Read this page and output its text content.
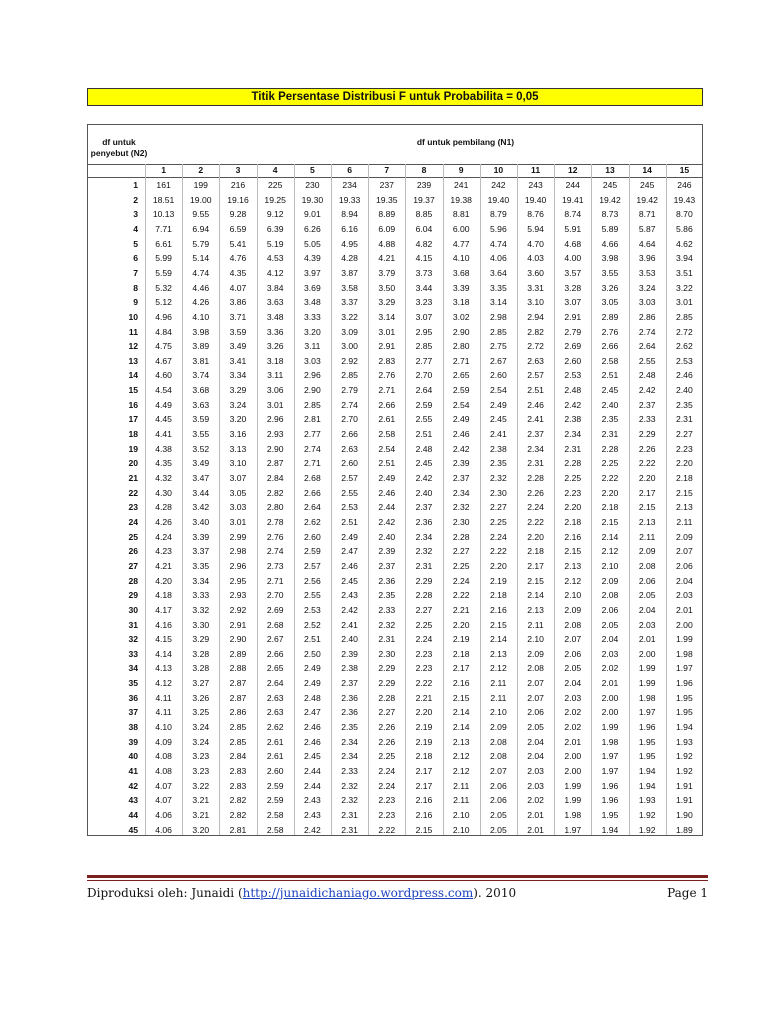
Titik Persentase Distribusi F untuk Probabilita = 0,05
df untuk penyebut (N2)
df untuk pembilang (N1)
1	2	3	4	5	6	7	8	9	10	11	12	13	14	15
1	161	199	216	225	230	234	237	239	241	242	243	244	245	245	246
2	18.51	19.00	19.16	19.25	19.30	19.33	19.35	19.37	19.38	19.40	19.40	19.41	19.42	19.42	19.43
3	10.13	9.55	9.28	9.12	9.01	8.94	8.89	8.85	8.81	8.79	8.76	8.74	8.73	8.71	8.70
4	7.71	6.94	6.59	6.39	6.26	6.16	6.09	6.04	6.00	5.96	5.94	5.91	5.89	5.87	5.86
5	6.61	5.79	5.41	5.19	5.05	4.95	4.88	4.82	4.77	4.74	4.70	4.68	4.66	4.64	4.62
6	5.99	5.14	4.76	4.53	4.39	4.28	4.21	4.15	4.10	4.06	4.03	4.00	3.98	3.96	3.94
7	5.59	4.74	4.35	4.12	3.97	3.87	3.79	3.73	3.68	3.64	3.60	3.57	3.55	3.53	3.51
8	5.32	4.46	4.07	3.84	3.69	3.58	3.50	3.44	3.39	3.35	3.31	3.28	3.26	3.24	3.22
9	5.12	4.26	3.86	3.63	3.48	3.37	3.29	3.23	3.18	3.14	3.10	3.07	3.05	3.03	3.01
10	4.96	4.10	3.71	3.48	3.33	3.22	3.14	3.07	3.02	2.98	2.94	2.91	2.89	2.86	2.85
11	4.84	3.98	3.59	3.36	3.20	3.09	3.01	2.95	2.90	2.85	2.82	2.79	2.76	2.74	2.72
12	4.75	3.89	3.49	3.26	3.11	3.00	2.91	2.85	2.80	2.75	2.72	2.69	2.66	2.64	2.62
13	4.67	3.81	3.41	3.18	3.03	2.92	2.83	2.77	2.71	2.67	2.63	2.60	2.58	2.55	2.53
14	4.60	3.74	3.34	3.11	2.96	2.85	2.76	2.70	2.65	2.60	2.57	2.53	2.51	2.48	2.46
15	4.54	3.68	3.29	3.06	2.90	2.79	2.71	2.64	2.59	2.54	2.51	2.48	2.45	2.42	2.40
16	4.49	3.63	3.24	3.01	2.85	2.74	2.66	2.59	2.54	2.49	2.46	2.42	2.40	2.37	2.35
17	4.45	3.59	3.20	2.96	2.81	2.70	2.61	2.55	2.49	2.45	2.41	2.38	2.35	2.33	2.31
18	4.41	3.55	3.16	2.93	2.77	2.66	2.58	2.51	2.46	2.41	2.37	2.34	2.31	2.29	2.27
19	4.38	3.52	3.13	2.90	2.74	2.63	2.54	2.48	2.42	2.38	2.34	2.31	2.28	2.26	2.23
20	4.35	3.49	3.10	2.87	2.71	2.60	2.51	2.45	2.39	2.35	2.31	2.28	2.25	2.22	2.20
21	4.32	3.47	3.07	2.84	2.68	2.57	2.49	2.42	2.37	2.32	2.28	2.25	2.22	2.20	2.18
22	4.30	3.44	3.05	2.82	2.66	2.55	2.46	2.40	2.34	2.30	2.26	2.23	2.20	2.17	2.15
23	4.28	3.42	3.03	2.80	2.64	2.53	2.44	2.37	2.32	2.27	2.24	2.20	2.18	2.15	2.13
24	4.26	3.40	3.01	2.78	2.62	2.51	2.42	2.36	2.30	2.25	2.22	2.18	2.15	2.13	2.11
25	4.24	3.39	2.99	2.76	2.60	2.49	2.40	2.34	2.28	2.24	2.20	2.16	2.14	2.11	2.09
26	4.23	3.37	2.98	2.74	2.59	2.47	2.39	2.32	2.27	2.22	2.18	2.15	2.12	2.09	2.07
27	4.21	3.35	2.96	2.73	2.57	2.46	2.37	2.31	2.25	2.20	2.17	2.13	2.10	2.08	2.06
28	4.20	3.34	2.95	2.71	2.56	2.45	2.36	2.29	2.24	2.19	2.15	2.12	2.09	2.06	2.04
29	4.18	3.33	2.93	2.70	2.55	2.43	2.35	2.28	2.22	2.18	2.14	2.10	2.08	2.05	2.03
30	4.17	3.32	2.92	2.69	2.53	2.42	2.33	2.27	2.21	2.16	2.13	2.09	2.06	2.04	2.01
31	4.16	3.30	2.91	2.68	2.52	2.41	2.32	2.25	2.20	2.15	2.11	2.08	2.05	2.03	2.00
32	4.15	3.29	2.90	2.67	2.51	2.40	2.31	2.24	2.19	2.14	2.10	2.07	2.04	2.01	1.99
33	4.14	3.28	2.89	2.66	2.50	2.39	2.30	2.23	2.18	2.13	2.09	2.06	2.03	2.00	1.98
34	4.13	3.28	2.88	2.65	2.49	2.38	2.29	2.23	2.17	2.12	2.08	2.05	2.02	1.99	1.97
35	4.12	3.27	2.87	2.64	2.49	2.37	2.29	2.22	2.16	2.11	2.07	2.04	2.01	1.99	1.96
36	4.11	3.26	2.87	2.63	2.48	2.36	2.28	2.21	2.15	2.11	2.07	2.03	2.00	1.98	1.95
37	4.11	3.25	2.86	2.63	2.47	2.36	2.27	2.20	2.14	2.10	2.06	2.02	2.00	1.97	1.95
38	4.10	3.24	2.85	2.62	2.46	2.35	2.26	2.19	2.14	2.09	2.05	2.02	1.99	1.96	1.94
39	4.09	3.24	2.85	2.61	2.46	2.34	2.26	2.19	2.13	2.08	2.04	2.01	1.98	1.95	1.93
40	4.08	3.23	2.84	2.61	2.45	2.34	2.25	2.18	2.12	2.08	2.04	2.00	1.97	1.95	1.92
41	4.08	3.23	2.83	2.60	2.44	2.33	2.24	2.17	2.12	2.07	2.03	2.00	1.97	1.94	1.92
42	4.07	3.22	2.83	2.59	2.44	2.32	2.24	2.17	2.11	2.06	2.03	1.99	1.96	1.94	1.91
43	4.07	3.21	2.82	2.59	2.43	2.32	2.23	2.16	2.11	2.06	2.02	1.99	1.96	1.93	1.91
44	4.06	3.21	2.82	2.58	2.43	2.31	2.23	2.16	2.10	2.05	2.01	1.98	1.95	1.92	1.90
45	4.06	3.20	2.81	2.58	2.42	2.31	2.22	2.15	2.10	2.05	2.01	1.97	1.94	1.92	1.89
Diproduksi oleh: Junaidi (http://junaidichaniago.wordpress.com). 2010	Page 1
